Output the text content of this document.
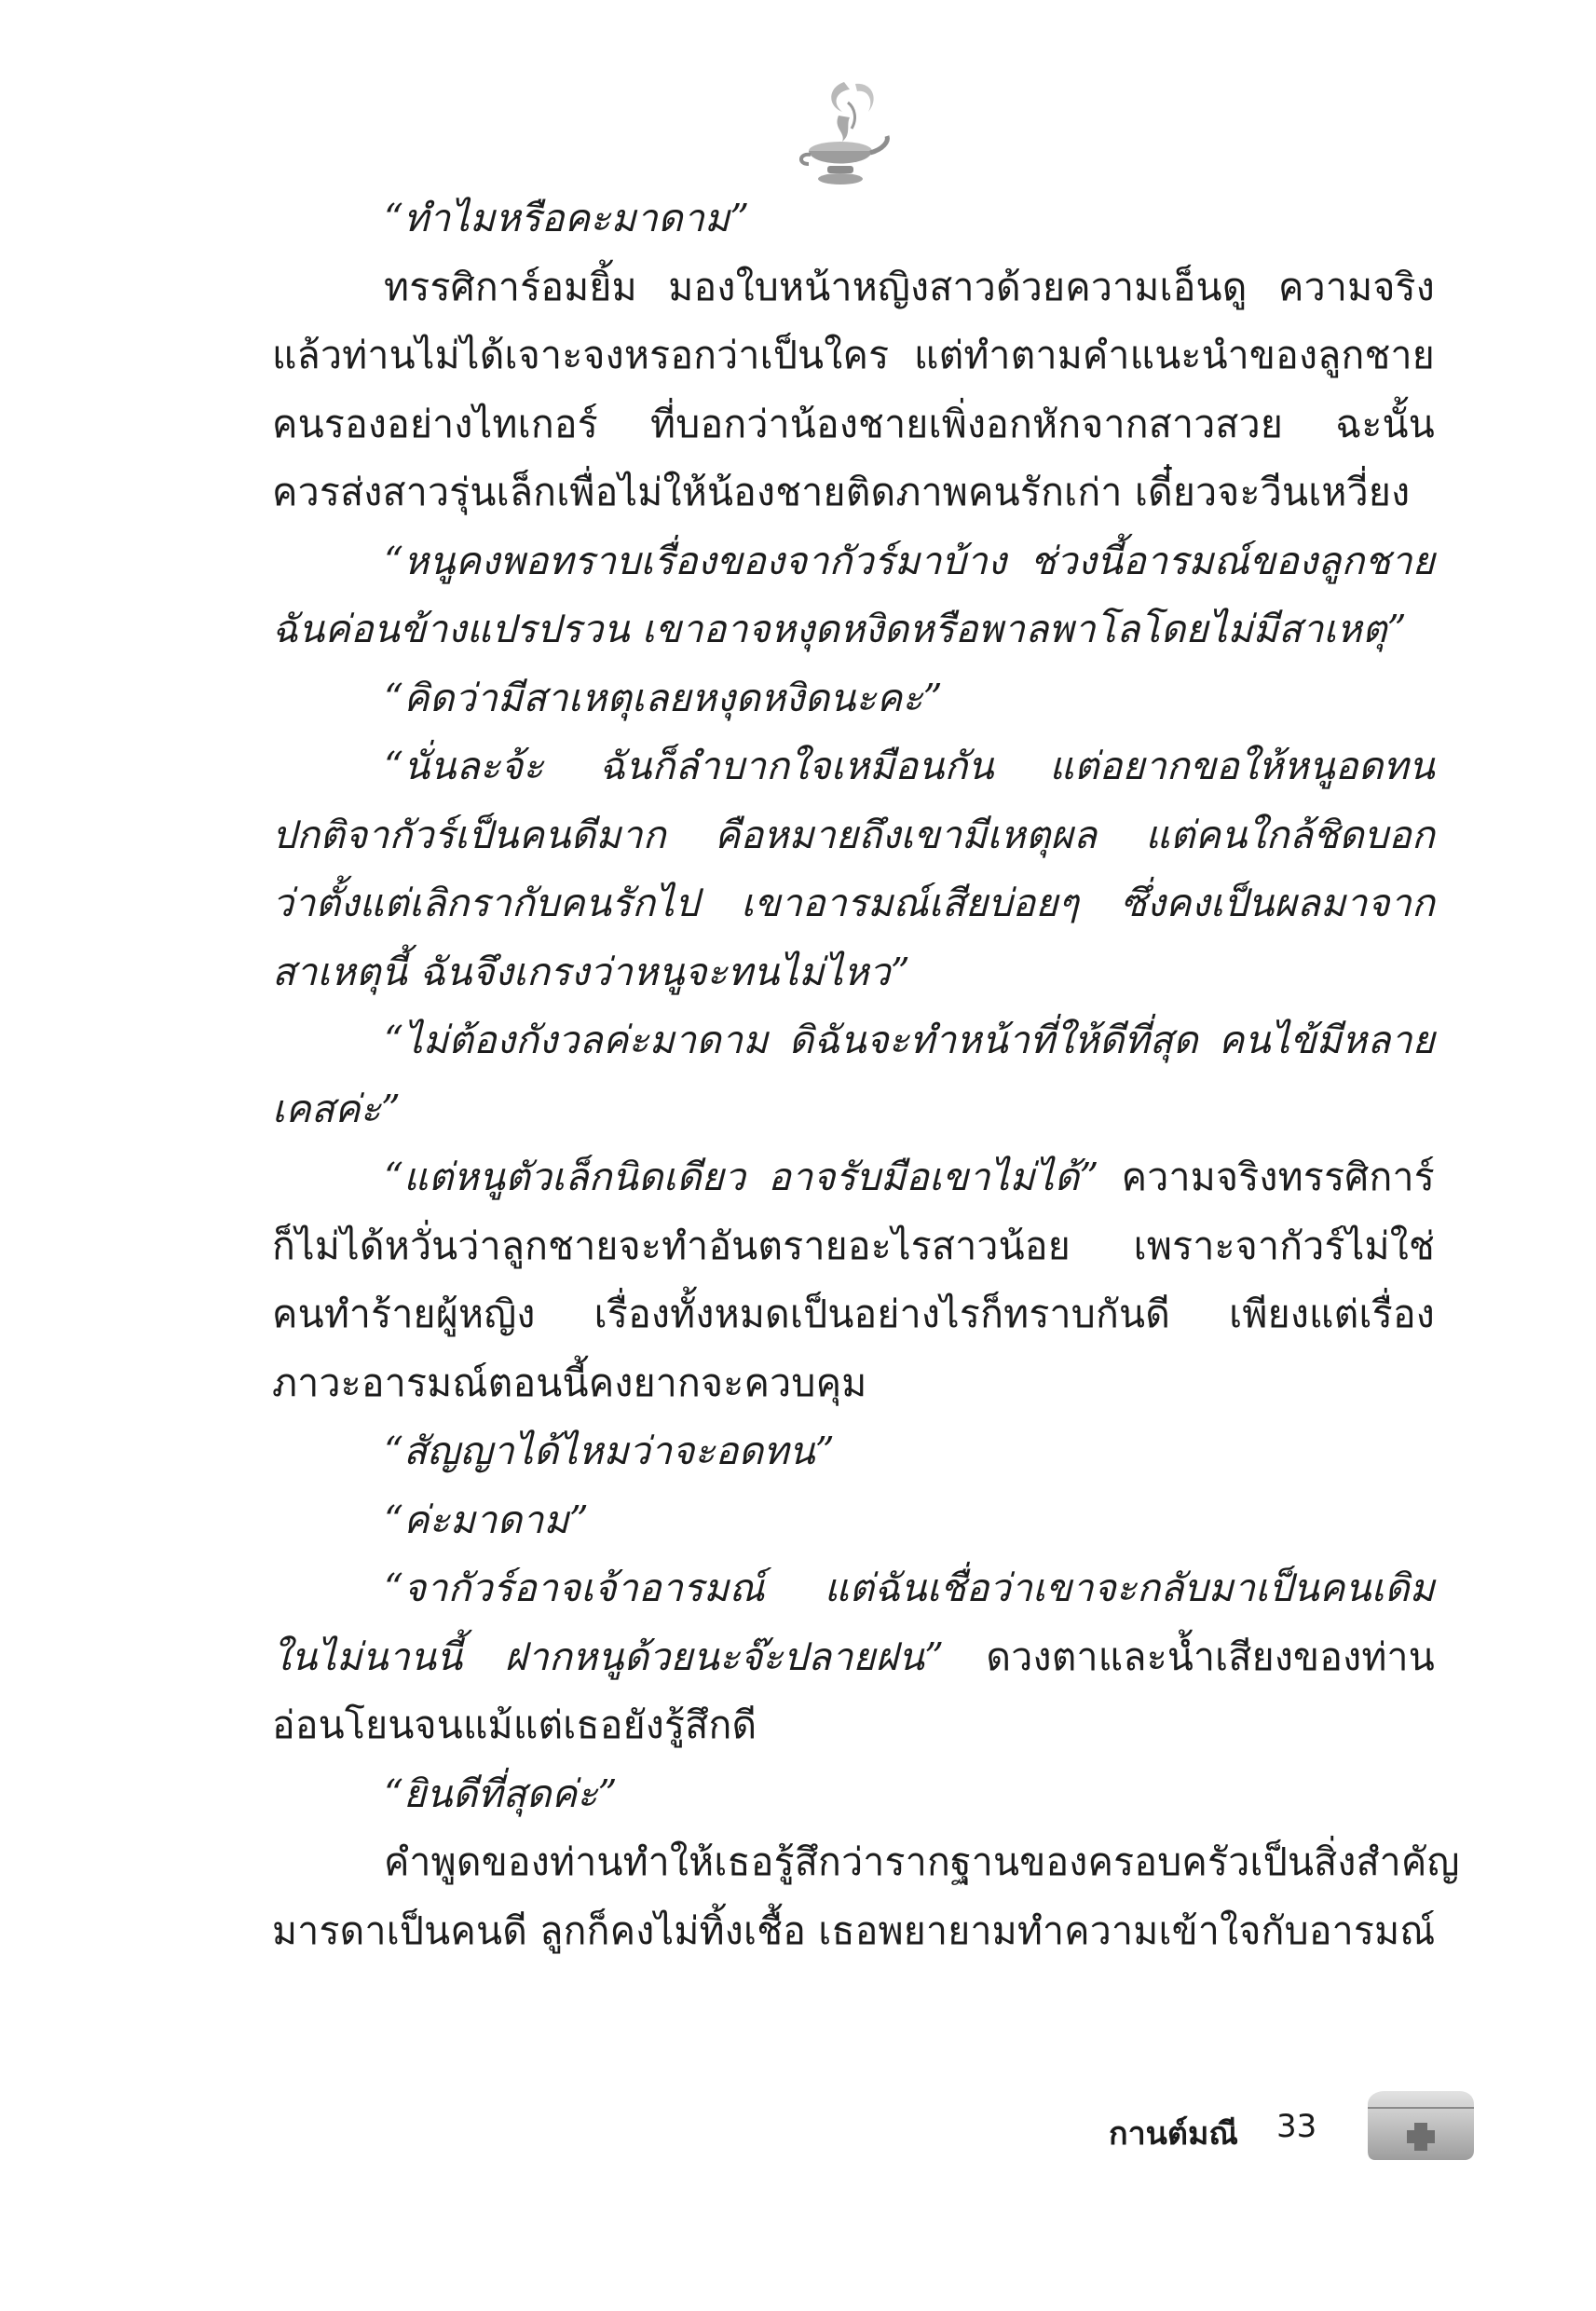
“ทำไมหรือคะมาดาม”
ทรรศิการ์อมยิ้ม มองใบหน้าหญิงสาวด้วยความเอ็นดู ความจริง
แล้วท่านไม่ได้เจาะจงหรอกว่าเป็นใคร แต่ทำตามคำแนะนำของลูกชาย
คนรองอย่างไทเกอร์ ที่บอกว่าน้องชายเพิ่งอกหักจากสาวสวย ฉะนั้น
ควรส่งสาวรุ่นเล็กเพื่อไม่ให้น้องชายติดภาพคนรักเก่า เดี๋ยวจะวีนเหวี่ยง
“หนูคงพอทราบเรื่องของจากัวร์มาบ้าง ช่วงนี้อารมณ์ของลูกชาย
ฉันค่อนข้างแปรปรวน เขาอาจหงุดหงิดหรือพาลพาโลโดยไม่มีสาเหตุ”
“คิดว่ามีสาเหตุเลยหงุดหงิดนะคะ”
“นั่นละจ้ะ ฉันก็ลำบากใจเหมือนกัน แต่อยากขอให้หนูอดทน
ปกติจากัวร์เป็นคนดีมาก คือหมายถึงเขามีเหตุผล แต่คนใกล้ชิดบอก
ว่าตั้งแต่เลิกรากับคนรักไป เขาอารมณ์เสียบ่อยๆ ซึ่งคงเป็นผลมาจาก
สาเหตุนี้ ฉันจึงเกรงว่าหนูจะทนไม่ไหว”
“ไม่ต้องกังวลค่ะมาดาม ดิฉันจะทำหน้าที่ให้ดีที่สุด คนไข้มีหลาย
เคสค่ะ”
“แต่หนูตัวเล็กนิดเดียว อาจรับมือเขาไม่ได้” ความจริงทรรศิการ์
ก็ไม่ได้หวั่นว่าลูกชายจะทำอันตรายอะไรสาวน้อย เพราะจากัวร์ไม่ใช่
คนทำร้ายผู้หญิง เรื่องทั้งหมดเป็นอย่างไรก็ทราบกันดี เพียงแต่เรื่อง
ภาวะอารมณ์ตอนนี้คงยากจะควบคุม
“สัญญาได้ไหมว่าจะอดทน”
“ค่ะมาดาม”
“จากัวร์อาจเจ้าอารมณ์ แต่ฉันเชื่อว่าเขาจะกลับมาเป็นคนเดิม
ในไม่นานนี้ ฝากหนูด้วยนะจ๊ะปลายฝน” ดวงตาและน้ำเสียงของท่าน
อ่อนโยนจนแม้แต่เธอยังรู้สึกดี
“ยินดีที่สุดค่ะ”
คำพูดของท่านทำให้เธอรู้สึกว่ารากฐานของครอบครัวเป็นสิ่งสำคัญ
มารดาเป็นคนดี ลูกก็คงไม่ทิ้งเชื้อ เธอพยายามทำความเข้าใจกับอารมณ์
กานต์มณี 33
